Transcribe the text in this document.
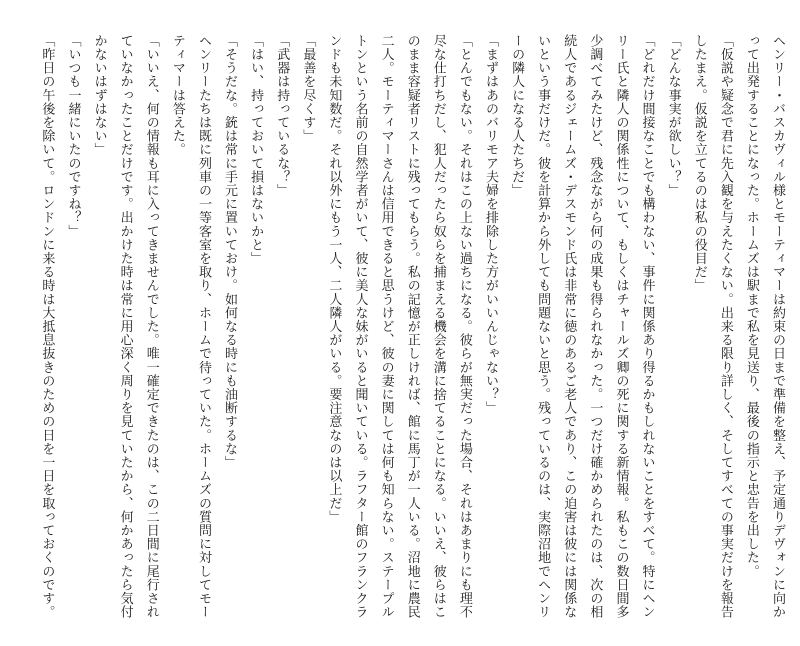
ヘンリー・バスカヴィル様とモーティマーは約束の日まで準備を整え、予定通りデヴォンに向かって出発することになった。ホームズは駅まで私を見送り、最後の指示と忠告を出した。

「仮説や疑念で君に先入観を与えたくない。出来る限り詳しく、そしてすべての事実だけを報告したまえ。仮説を立てるのは私の役目だ」

「どんな事実が欲しい？」

「どれだけ間接なことでも構わない、事件に関係あり得るかもしれないことをすべて。特にヘンリー氏と隣人の関係性について、もしくはチャールズ卿の死に関する新情報。私もこの数日間多少調べてみたけど、残念ながら何の成果も得られなかった。一つだけ確かめられたのは、次の相続人であるジェームズ・デスモンド氏は非常に徳のあるご老人であり、この迫害は彼には関係ないという事だけだ。彼を計算から外しても問題ないと思う。残っているのは、実際沼地でヘンリーの隣人になる人たちだ」

「まずはあのバリモア夫婦を排除した方がいいんじゃない？」

「とんでもない。それはこの上ない過ちになる。彼らが無実だった場合、それはあまりにも理不尽な仕打ちだし、犯人だったら奴らを捕まえる機会を溝に捨てることになる。いいえ、彼らはこのまま容疑者リストに残ってもらう。私の記憶が正しければ、館に馬丁が一人いる。沼地に農民二人。モーティマーさんは信用できると思うけど、彼の妻に関しては何も知らない。ステープルトンという名前の自然学者がいて、彼に美人な妹がいると聞いている。ラフター館のフランクランドも未知数だ。それ以外にもう一人、二人隣人がいる。要注意なのは以上だ」

「最善を尽くす」

「武器は持っているな？」

「はい、持っておいて損はないかと」

「そうだな。銃は常に手元に置いておけ。如何なる時にも油断するな」

ヘンリーたちは既に列車の一等客室を取り、ホームで待っていた。ホームズの質問に対してモーティマーは答えた。

「いいえ、何の情報も耳に入ってきませんでした。唯一確定できたのは、この二日間に尾行されていなかったことだけです。出かけた時は常に用心深く周りを見ていたから、何かあったら気付かないはずはない」

「いつも一緒にいたのですね？」

「昨日の午後を除いて。ロンドンに来る時は大抵息抜きのための日を一日を取っておくのです。
